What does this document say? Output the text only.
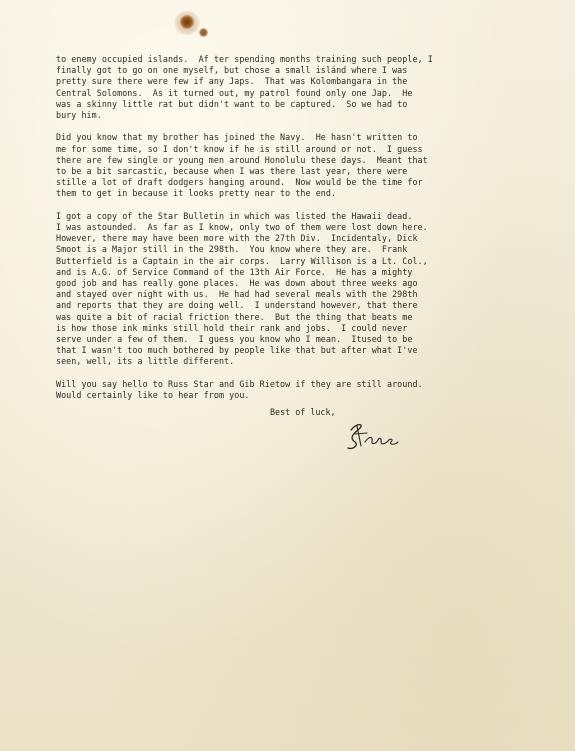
to enemy occupied islands.  Af ter spending months training such people, I
finally got to go on one myself, but chose a small islánd where I was
pretty sure there were few if any Japs.  That was Kolombangara in the
Central Solomons.  As it turned out, my patrol found only one Jap.  He
was a skinny little rat but didn't want to be captured.  So we had to
bury him.
Did you know that my brother has joined the Navy.  He hasn't written to
me for some time, so I don't know if he is still around or not.  I guess
there are few single or young men around Honolulu these days.  Meant that
to be a bit sarcastic, because when I was there last year, there were
stille a lot of draft dodgers hanging around.  Now would be the time for
them to get in because it looks pretty near to the end.
I got a copy of the Star Bulletin in which was listed the Hawaii dead.
I was astounded.  As far as I know, only two of them were lost down here.
However, there may have been more with the 27th Div.  Incidentaly, Dick
Smoot is a Major still in the 298th.  You know where they are.  Frank
Butterfield is a Captain in the air corps.  Larry Willison is a Lt. Col.,
and is A.G. of Service Command of the 13th Air Force.  He has a mighty
good job and has really gone places.  He was down about three weeks ago
and stayed over night with us.  He had had several meals with the 298th
and reports that they are doing well.  I understand however, that there
was quite a bit of racial friction there.  But the thing that beats me
is how those ink minks still hold their rank and jobs.  I could never
serve under a few of them.  I guess you know who I mean.  Itused to be
that I wasn't too much bothered by people like that but after what I've
seen, well, its a little different.
Will you say hello to Russ Star and Gib Rietow if they are still around.
Would certainly like to hear from you.
Best of luck,
